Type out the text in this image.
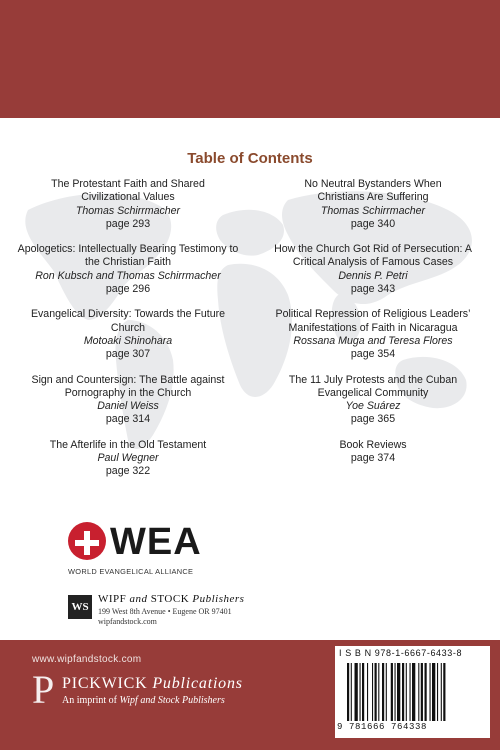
Table of Contents
The Protestant Faith and Shared Civilizational Values
Thomas Schirrmacher
page 293
Apologetics: Intellectually Bearing Testimony to the Christian Faith
Ron Kubsch and Thomas Schirrmacher
page 296
Evangelical Diversity: Towards the Future Church
Motoaki Shinohara
page 307
Sign and Countersign: The Battle against Pornography in the Church
Daniel Weiss
page 314
The Afterlife in the Old Testament
Paul Wegner
page 322
No Neutral Bystanders When Christians Are Suffering
Thomas Schirrmacher
page 340
How the Church Got Rid of Persecution: A Critical Analysis of Famous Cases
Dennis P. Petri
page 343
Political Repression of Religious Leaders’ Manifestations of Faith in Nicaragua
Rossana Muga and Teresa Flores
page 354
The 11 July Protests and the Cuban Evangelical Community
Yoe Suárez
page 365
Book Reviews
page 374
WEA
WORLD EVANGELICAL ALLIANCE
WS
WIPF and STOCK Publishers
199 West 8th Avenue • Eugene OR 97401
wipfandstock.com
www.wipfandstock.com
P PICKWICK Publications
An imprint of Wipf and Stock Publishers
I S B N 978-1-6667-6433-8
9 781666 764338
